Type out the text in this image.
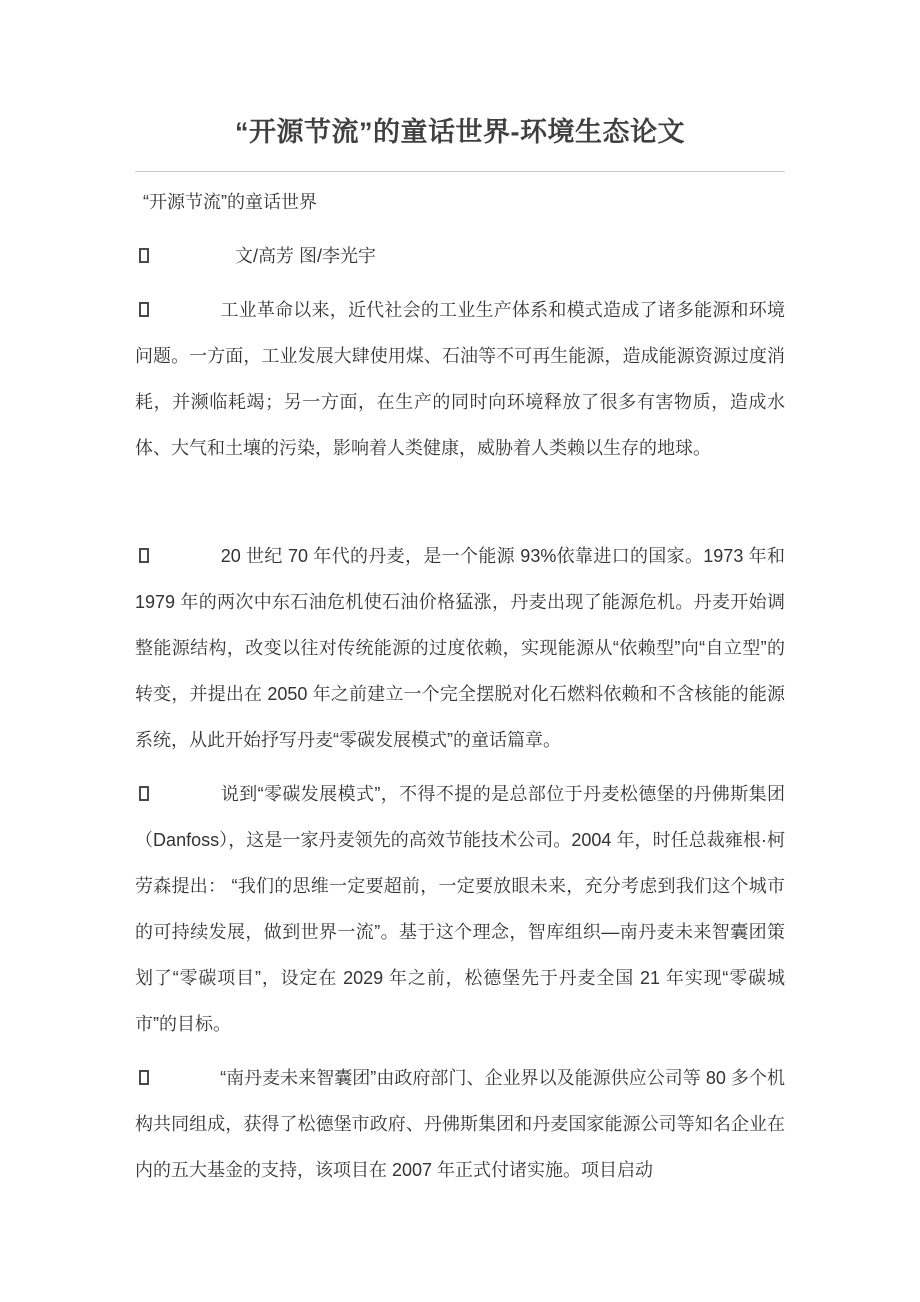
“开源节流”的童话世界-环境生态论文

“开源节流”的童话世界

文/高芳 图/李光宇

工业革命以来，近代社会的工业生产体系和模式造成了诸多能源和环境问题。一方面，工业发展大肆使用煤、石油等不可再生能源，造成能源资源过度消耗，并濒临耗竭；另一方面，在生产的同时向环境释放了很多有害物质，造成水体、大气和土壤的污染，影响着人类健康，威胁着人类赖以生存的地球。

20 世纪 70 年代的丹麦，是一个能源 93%依靠进口的国家。1973 年和 1979 年的两次中东石油危机使石油价格猛涨，丹麦出现了能源危机。丹麦开始调整能源结构，改变以往对传统能源的过度依赖，实现能源从“依赖型”向“自立型”的转变，并提出在 2050 年之前建立一个完全摆脱对化石燃料依赖和不含核能的能源系统，从此开始抒写丹麦“零碳发展模式”的童话篇章。

说到“零碳发展模式”，不得不提的是总部位于丹麦松德堡的丹佛斯集团（Danfoss），这是一家丹麦领先的高效节能技术公司。2004 年，时任总裁雍根·柯劳森提出： “我们的思维一定要超前，一定要放眼未来，充分考虑到我们这个城市的可持续发展，做到世界一流”。基于这个理念，智库组织—南丹麦未来智囊团策划了“零碳项目”，设定在 2029 年之前，松德堡先于丹麦全国 21 年实现“零碳城市”的目标。

“南丹麦未来智囊团”由政府部门、企业界以及能源供应公司等 80 多个机构共同组成，获得了松德堡市政府、丹佛斯集团和丹麦国家能源公司等知名企业在内的五大基金的支持，该项目在 2007 年正式付诸实施。项目启动
